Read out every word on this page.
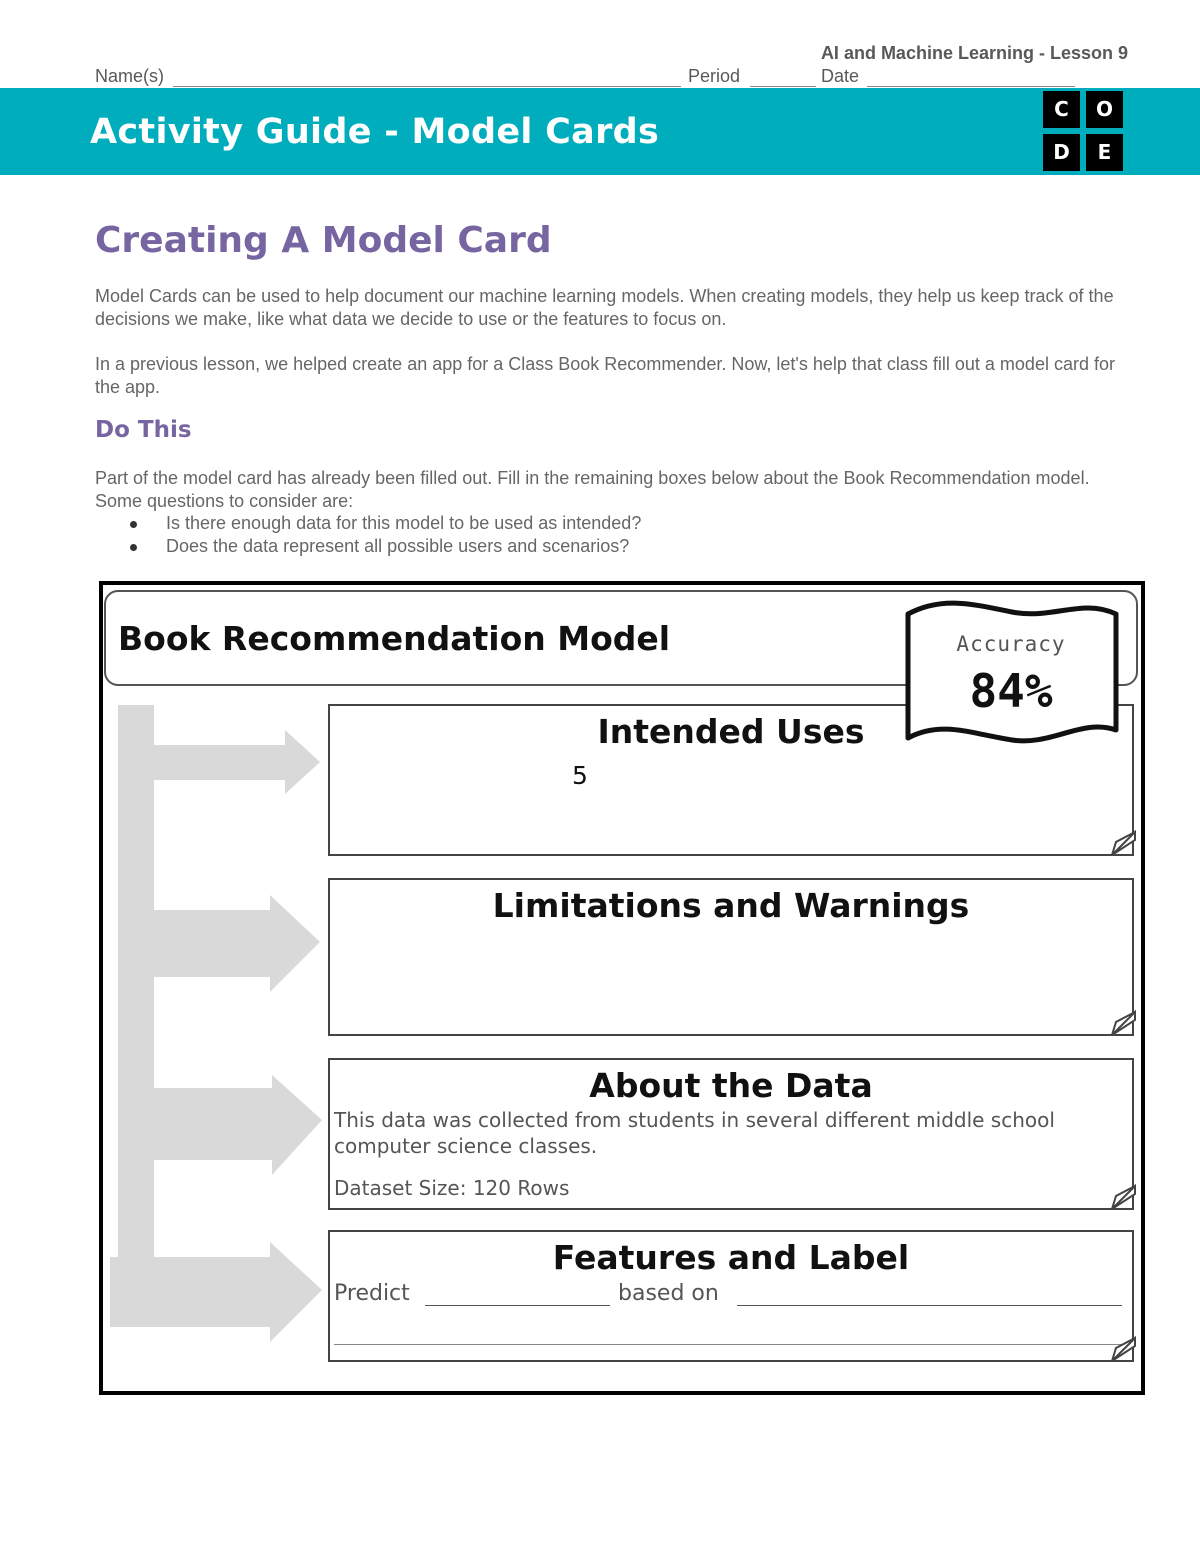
AI and Machine Learning - Lesson 9
Name(s)	Period	Date
Activity Guide - Model Cards
C	O
D	E
Creating A Model Card
Model Cards can be used to help document our machine learning models. When creating models, they help us keep track of the decisions we make, like what data we decide to use or the features to focus on.
In a previous lesson, we helped create an app for a Class Book Recommender. Now, let's help that class fill out a model card for the app.
Do This
Part of the model card has already been filled out. Fill in the remaining boxes below about the Book Recommendation model. Some questions to consider are:
Is there enough data for this model to be used as intended?
Does the data represent all possible users and scenarios?
Book Recommendation Model
Intended Uses
5
Limitations and Warnings
About the Data
This data was collected from students in several different middle school computer science classes.
Dataset Size: 120 Rows
Features and Label
Predict	based on
Accuracy
84%
